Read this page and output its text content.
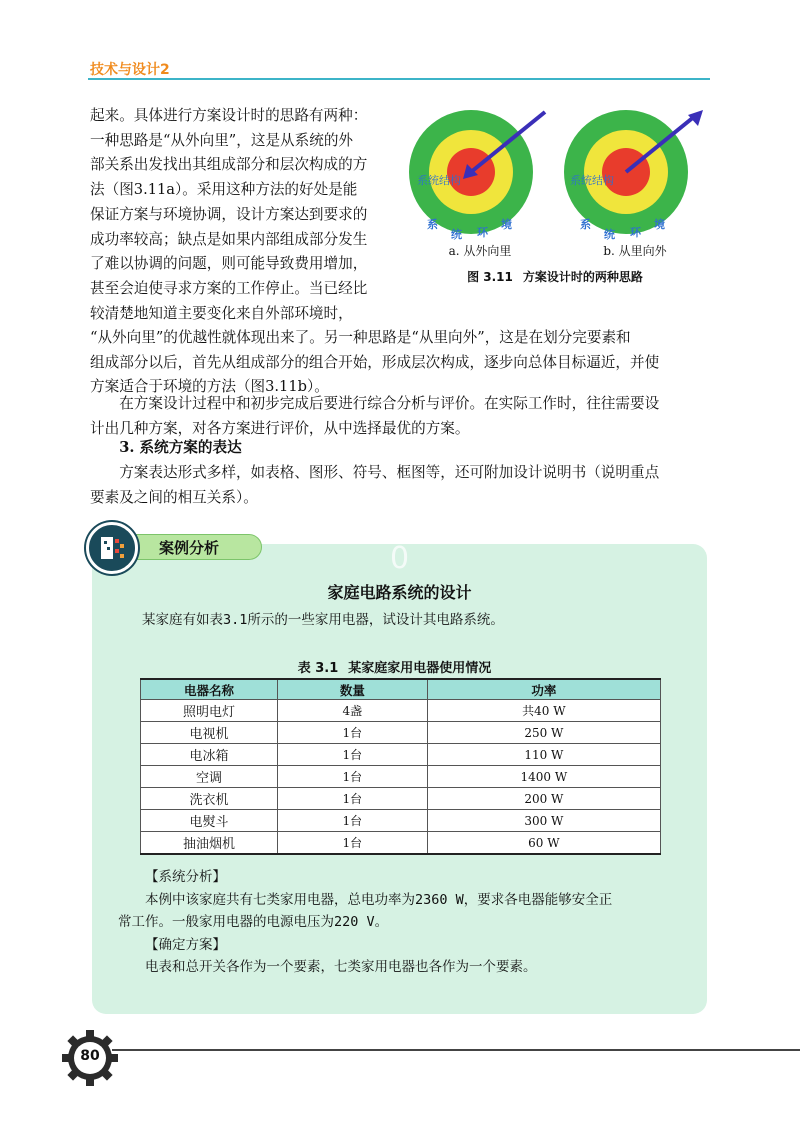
技术与设计2

起来。具体进行方案设计时的思路有两种：

一种思路是“从外向里”，这是从系统的外

部关系出发找出其组成部分和层次构成的方

法（图3.11a）。采用这种方法的好处是能

保证方案与环境协调，设计方案达到要求的

成功率较高；缺点是如果内部组成部分发生

了难以协调的问题，则可能导致费用增加，

甚至会迫使寻求方案的工作停止。当已经比

较清楚地知道主要变化来自外部环境时，

系统结构
系
统 环
境
a. 从外向里
系统结构
系
统 环
境
b. 从里向外
图 3.11 方案设计时的两种思路

“从外向里”的优越性就体现出来了。另一种思路是“从里向外”，这是在划分完要素和

组成部分以后，首先从组成部分的组合开始，形成层次构成，逐步向总体目标逼近，并使

方案适合于环境的方法（图3.11b）。

在方案设计过程中和初步完成后要进行综合分析与评价。在实际工作时，往往需要设

计出几种方案，对各方案进行评价，从中选择最优的方案。

3. 系统方案的表达

方案表达形式多样，如表格、图形、符号、框图等，还可附加设计说明书（说明重点

要素及之间的相互关系）。

案例分析	0
家庭电路系统的设计
某家庭有如表3.1所示的一些家用电器，试设计其电路系统。
表 3.1 某家庭家用电器使用情况
电器名称	数量	功率
照明电灯	4盏	共40 W
电视机	1台	250 W
电冰箱	1台	110 W
空调	1台	1400 W
洗衣机	1台	200 W
电熨斗	1台	300 W
抽油烟机	1台	60 W

【系统分析】

本例中该家庭共有七类家用电器，总电功率为2360 W，要求各电器能够安全正

常工作。一般家用电器的电源电压为220 V。

【确定方案】

电表和总开关各作为一个要素，七类家用电器也各作为一个要素。

80
